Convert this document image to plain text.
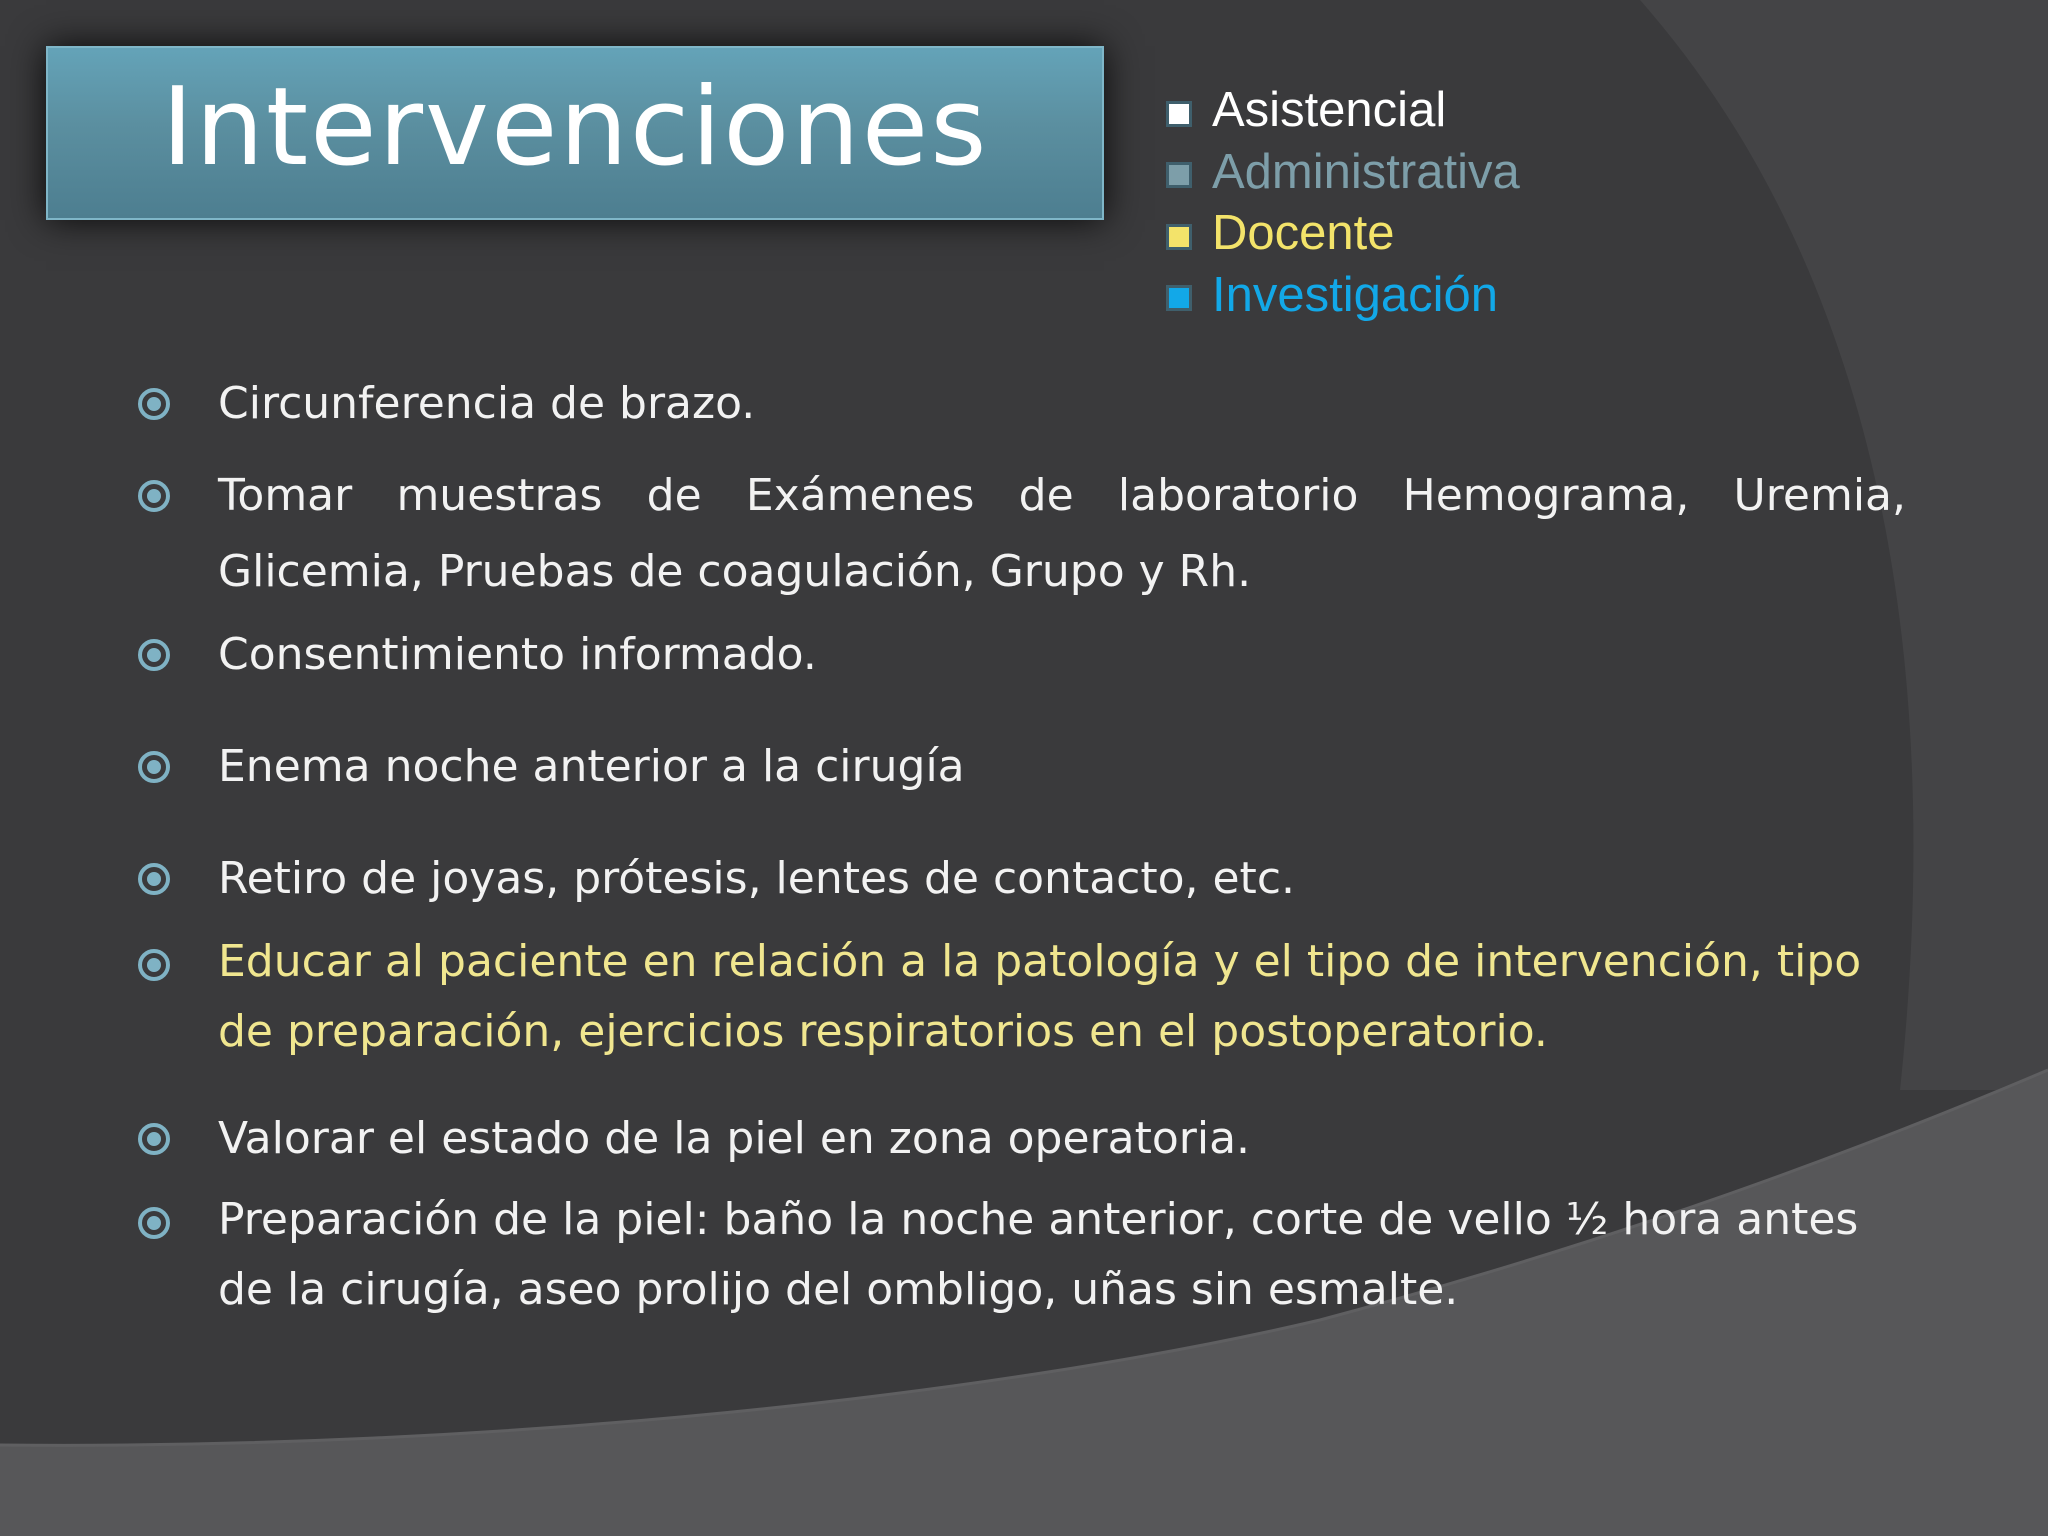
Intervenciones	Asistencial
Administrativa
Docente
Investigación
Circunferencia de brazo.
Tomar muestras de Exámenes de laboratorio Hemograma, Uremia, Glicemia, Pruebas de coagulación, Grupo y Rh.
Consentimiento informado.
Enema noche anterior a la cirugía
Retiro de joyas, prótesis, lentes de contacto, etc.
Educar al paciente en relación a la patología y el tipo de intervención, tipo de preparación, ejercicios respiratorios en el postoperatorio.
Valorar el estado de la piel en zona operatoria.
Preparación de la piel: baño la noche anterior, corte de vello ½ hora antes de la cirugía, aseo prolijo del ombligo, uñas sin esmalte.
